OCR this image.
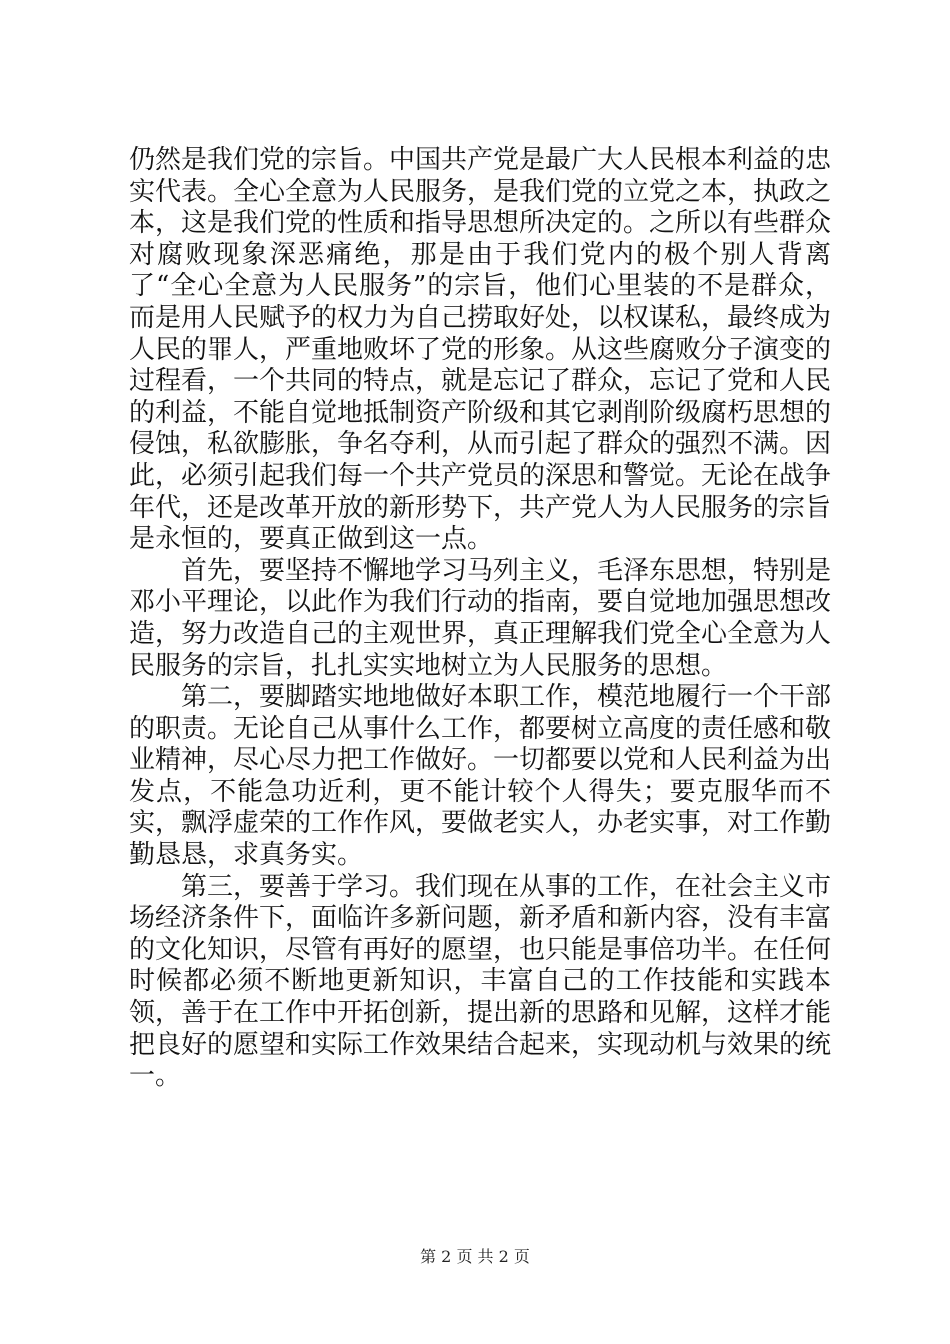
仍然是我们党的宗旨。中国共产党是最广大人民根本利益的忠实代表。全心全意为人民服务，是我们党的立党之本，执政之本，这是我们党的性质和指导思想所决定的。之所以有些群众对腐败现象深恶痛绝，那是由于我们党内的极个别人背离了“全心全意为人民服务”的宗旨，他们心里装的不是群众，而是用人民赋予的权力为自己捞取好处，以权谋私，最终成为人民的罪人，严重地败坏了党的形象。从这些腐败分子演变的过程看，一个共同的特点，就是忘记了群众，忘记了党和人民的利益，不能自觉地抵制资产阶级和其它剥削阶级腐朽思想的侵蚀，私欲膨胀，争名夺利，从而引起了群众的强烈不满。因此，必须引起我们每一个共产党员的深思和警觉。无论在战争年代，还是改革开放的新形势下，共产党人为人民服务的宗旨是永恒的，要真正做到这一点。

首先，要坚持不懈地学习马列主义，毛泽东思想，特别是邓小平理论，以此作为我们行动的指南，要自觉地加强思想改造，努力改造自己的主观世界，真正理解我们党全心全意为人民服务的宗旨，扎扎实实地树立为人民服务的思想。

第二，要脚踏实地地做好本职工作，模范地履行一个干部的职责。无论自己从事什么工作，都要树立高度的责任感和敬业精神，尽心尽力把工作做好。一切都要以党和人民利益为出发点，不能急功近利，更不能计较个人得失；要克服华而不实，飘浮虚荣的工作作风，要做老实人，办老实事，对工作勤勤恳恳，求真务实。

第三，要善于学习。我们现在从事的工作，在社会主义市场经济条件下，面临许多新问题，新矛盾和新内容，没有丰富的文化知识，尽管有再好的愿望，也只能是事倍功半。在任何时候都必须不断地更新知识，丰富自己的工作技能和实践本领，善于在工作中开拓创新，提出新的思路和见解，这样才能把良好的愿望和实际工作效果结合起来，实现动机与效果的统一。

第 2 页 共 2 页
